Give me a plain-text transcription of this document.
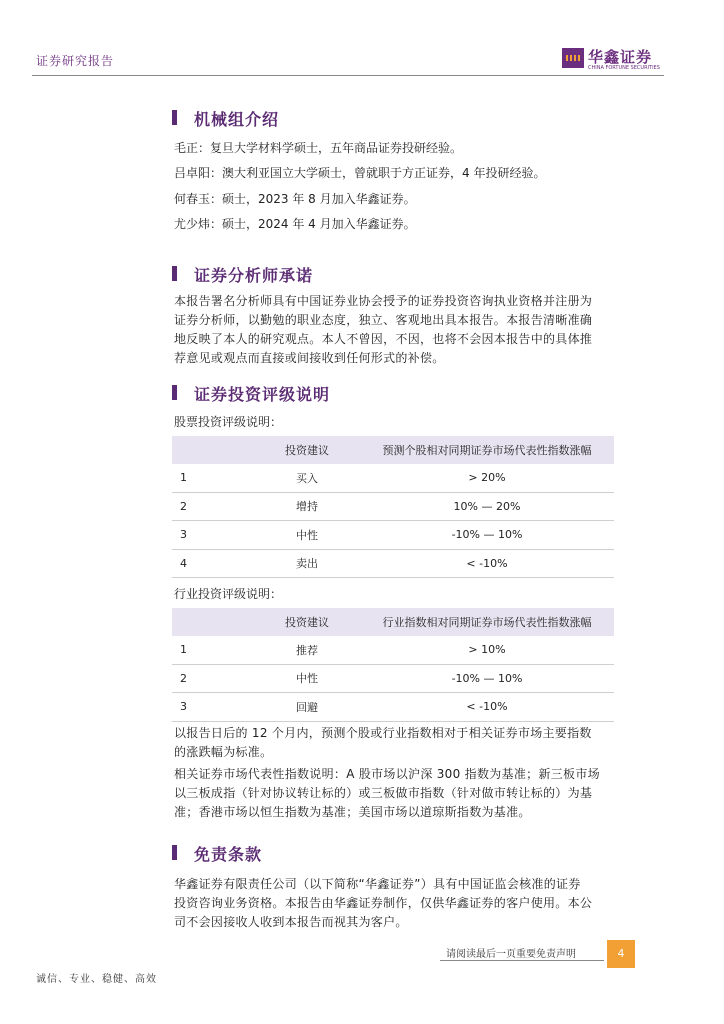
证券研究报告	华鑫证券
CHINA FORTUNE SECURITIES
机械组介绍
毛正：复旦大学材料学硕士，五年商品证券投研经验。
吕卓阳：澳大利亚国立大学硕士，曾就职于方正证券，4 年投研经验。
何春玉：硕士，2023 年 8 月加入华鑫证券。
尤少炜：硕士，2024 年 4 月加入华鑫证券。
证券分析师承诺
本报告署名分析师具有中国证券业协会授予的证券投资咨询执业资格并注册为
证券分析师，以勤勉的职业态度，独立、客观地出具本报告。本报告清晰准确
地反映了本人的研究观点。本人不曾因，不因，也将不会因本报告中的具体推
荐意见或观点而直接或间接收到任何形式的补偿。
证券投资评级说明
股票投资评级说明：
	投资建议	预测个股相对同期证券市场代表性指数涨幅
1	买入	> 20%
2	增持	10% — 20%
3	中性	-10% — 10%
4	卖出	< -10%
行业投资评级说明：
	投资建议	行业指数相对同期证券市场代表性指数涨幅
1	推荐	> 10%
2	中性	-10% — 10%
3	回避	< -10%
以报告日后的 12 个月内，预测个股或行业指数相对于相关证券市场主要指数
的涨跌幅为标准。
相关证券市场代表性指数说明：A 股市场以沪深 300 指数为基准；新三板市场
以三板成指（针对协议转让标的）或三板做市指数（针对做市转让标的）为基
准；香港市场以恒生指数为基准；美国市场以道琼斯指数为基准。
免责条款
华鑫证券有限责任公司（以下简称“华鑫证券”）具有中国证监会核准的证券
投资咨询业务资格。本报告由华鑫证券制作，仅供华鑫证券的客户使用。本公
司不会因接收人收到本报告而视其为客户。
请阅读最后一页重要免责声明	4
诚信、专业、稳健、高效
